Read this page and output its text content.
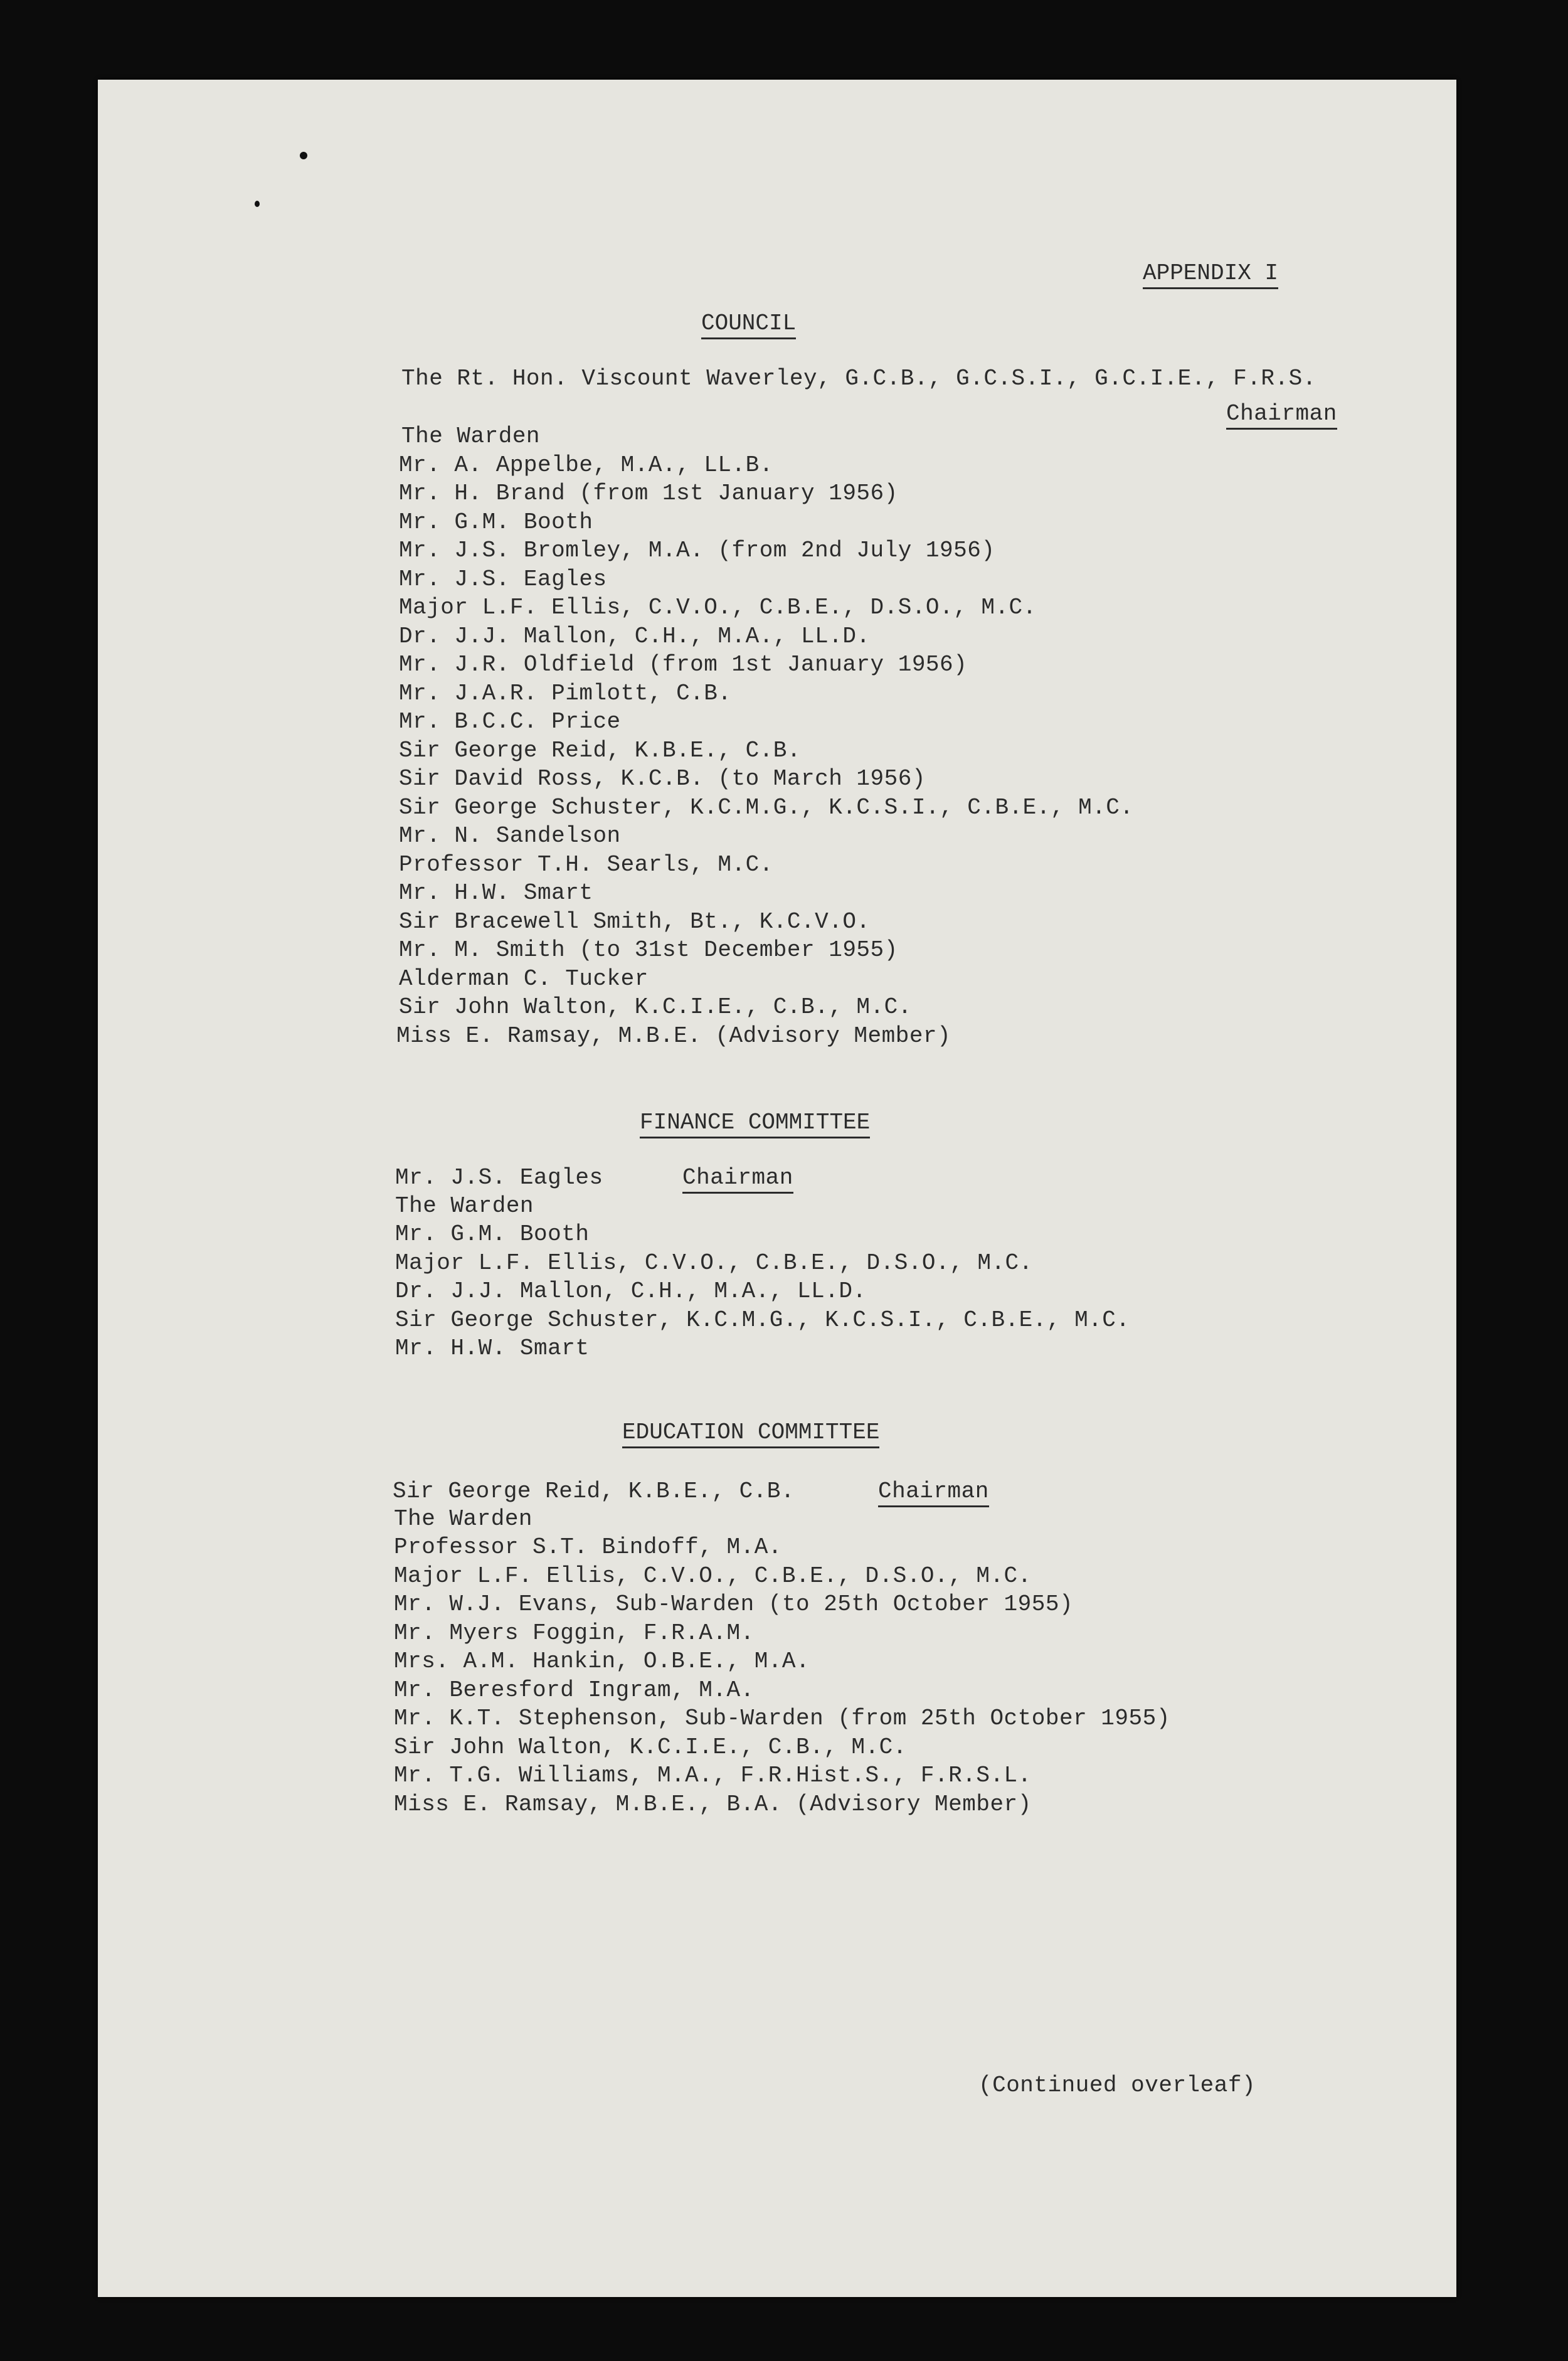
APPENDIX I
COUNCIL
The Rt. Hon. Viscount Waverley, G.C.B., G.C.S.I., G.C.I.E., F.R.S.
Chairman
The Warden
Mr. A. Appelbe, M.A., LL.B.
Mr. H. Brand (from 1st January 1956)
Mr. G.M. Booth
Mr. J.S. Bromley, M.A. (from 2nd July 1956)
Mr. J.S. Eagles
Major L.F. Ellis, C.V.O., C.B.E., D.S.O., M.C.
Dr. J.J. Mallon, C.H., M.A., LL.D.
Mr. J.R. Oldfield (from 1st January 1956)
Mr. J.A.R. Pimlott, C.B.
Mr. B.C.C. Price
Sir George Reid, K.B.E., C.B.
Sir David Ross, K.C.B. (to March 1956)
Sir George Schuster, K.C.M.G., K.C.S.I., C.B.E., M.C.
Mr. N. Sandelson
Professor T.H. Searls, M.C.
Mr. H.W. Smart
Sir Bracewell Smith, Bt., K.C.V.O.
Mr. M. Smith (to 31st December 1955)
Alderman C. Tucker
Sir John Walton, K.C.I.E., C.B., M.C.
Miss E. Ramsay, M.B.E. (Advisory Member)
FINANCE COMMITTEE
Mr. J.S. Eagles	Chairman
The Warden
Mr. G.M. Booth
Major L.F. Ellis, C.V.O., C.B.E., D.S.O., M.C.
Dr. J.J. Mallon, C.H., M.A., LL.D.
Sir George Schuster, K.C.M.G., K.C.S.I., C.B.E., M.C.
Mr. H.W. Smart
EDUCATION COMMITTEE
Sir George Reid, K.B.E., C.B.	Chairman
The Warden
Professor S.T. Bindoff, M.A.
Major L.F. Ellis, C.V.O., C.B.E., D.S.O., M.C.
Mr. W.J. Evans, Sub-Warden (to 25th October 1955)
Mr. Myers Foggin, F.R.A.M.
Mrs. A.M. Hankin, O.B.E., M.A.
Mr. Beresford Ingram, M.A.
Mr. K.T. Stephenson, Sub-Warden (from 25th October 1955)
Sir John Walton, K.C.I.E., C.B., M.C.
Mr. T.G. Williams, M.A., F.R.Hist.S., F.R.S.L.
Miss E. Ramsay, M.B.E., B.A. (Advisory Member)
(Continued overleaf)
